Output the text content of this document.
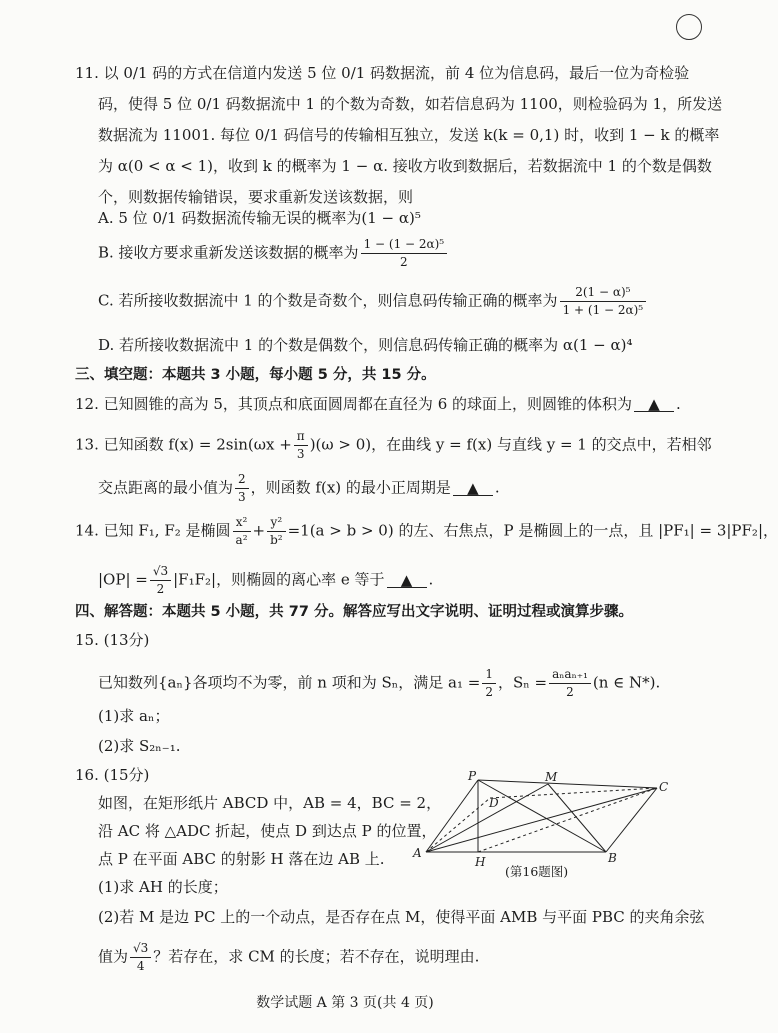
11. 以 0/1 码的方式在信道内发送 5 位 0/1 码数据流，前 4 位为信息码，最后一位为奇检验
码，使得 5 位 0/1 码数据流中 1 的个数为奇数，如若信息码为 1100，则检验码为 1，所发送
数据流为 11001. 每位 0/1 码信号的传输相互独立，发送 k(k = 0,1) 时，收到 1 − k 的概率
为 α(0 < α < 1)，收到 k 的概率为 1 − α. 接收方收到数据后，若数据流中 1 的个数是偶数
个，则数据传输错误，要求重新发送该数据，则
A. 5 位 0/1 码数据流传输无误的概率为(1 − α)⁵
B. 接收方要求重新发送该数据的概率为 $\frac{\text{1 − (1 − 2α)⁵}}{2}$
C. 若所接收数据流中 1 的个数是奇数个，则信息码传输正确的概率为 $\frac{\text{2(1 − α)⁵}}{\text{1 + (1 − 2α)⁵}}$
D. 若所接收数据流中 1 的个数是偶数个，则信息码传输正确的概率为 α(1 − α)⁴
三、填空题：本题共 3 小题，每小题 5 分，共 15 分。
12. 已知圆锥的高为 5，其顶点和底面圆周都在直径为 6 的球面上，则圆锥的体积为 ▲ .
13. 已知函数 $f(x) = 2\sin(\omega x + \frac{\pi}{3} )(\omega > 0)$，在曲线 y = f(x) 与直线 y = 1 的交点中，若相邻
交点距离的最小值为 $\frac{2}{3}$ ，则函数 f(x) 的最小正周期是 ▲ .
14. 已知 F₁, F₂ 是椭圆 $\frac{\text{x²}}{\text{a²}} + \frac{\text{y²}}{\text{b²}} =1(a > b > 0)$ 的左、右焦点，P 是椭圆上的一点，且 |PF₁| = 3|PF₂|，
$|OP| = \frac{√3}{2} |F_1F_2|$，则椭圆的离心率 e 等于 ▲ .
四、解答题：本题共 5 小题，共 77 分。解答应写出文字说明、证明过程或演算步骤。
15. (13分)
已知数列{aₙ}各项均不为零，前 n 项和为 Sₙ，满足 $a_1 = \frac{1}{2}$ ，$S_n = \frac{\text{aₙaₙ₊₁}}{2} (n$ ∈ N*).
(1)求 aₙ；
(2)求 S₂ₙ₋₁.
16. (15分)
如图，在矩形纸片 ABCD 中，AB = 4，BC = 2，
沿 AC 将 △ADC 折起，使点 D 到达点 P 的位置，
点 P 在平面 ABC 的射影 H 落在边 AB 上.
(1)求 AH 的长度；
(2)若 M 是边 PC 上的一个动点，是否存在点 M，使得平面 AMB 与平面 PBC 的夹角余弦
值为 $\frac{√3}{4}$ ？若存在，求 CM 的长度；若不存在，说明理由.
P	M
C
D
A
H	B
(第16题图)
数学试题 A 第 3 页(共 4 页)
